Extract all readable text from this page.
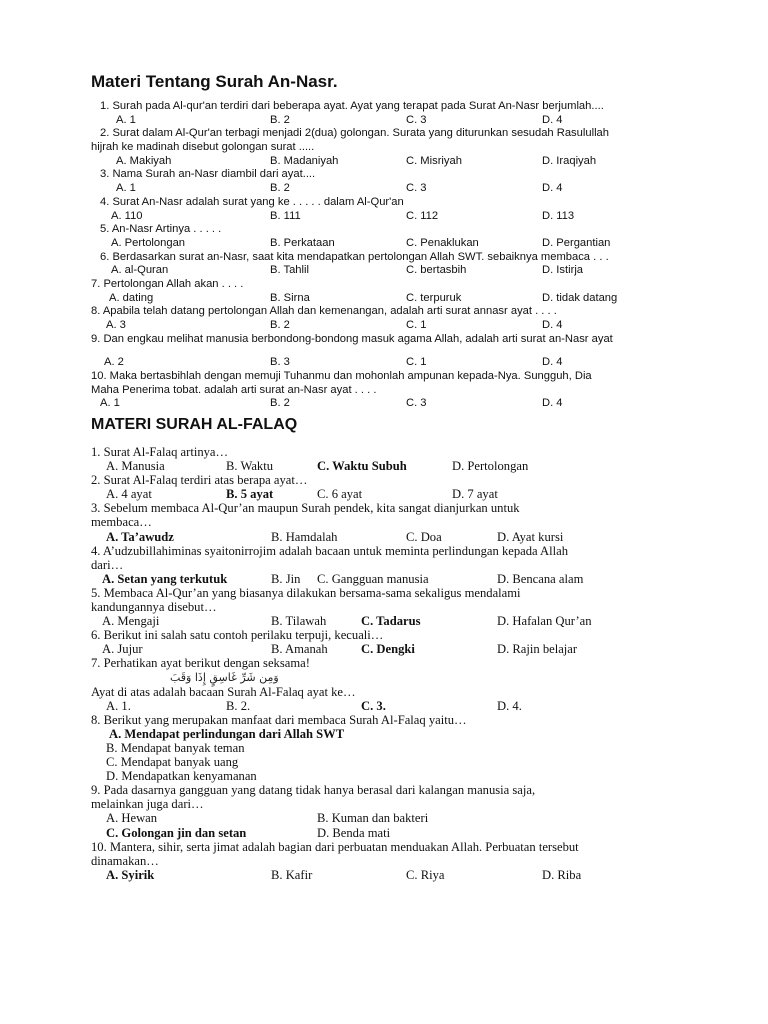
Materi Tentang Surah An-Nasr.
1. Surah pada Al-qur'an terdiri dari beberapa ayat. Ayat yang terapat pada Surat An-Nasr berjumlah....
A. 1	B. 2	C. 3	D. 4
2. Surat dalam Al-Qur'an terbagi menjadi 2(dua) golongan. Surata yang diturunkan sesudah Rasulullah
hijrah ke madinah disebut golongan surat .....
A. Makiyah	B. Madaniyah	C. Misriyah	D. Iraqiyah
3. Nama Surah an-Nasr diambil dari ayat....
A. 1	B. 2	C. 3	D. 4
4. Surat An-Nasr adalah surat yang ke . . . . . dalam Al-Qur'an
A. 110	B. 111	C. 112	D. 113
5. An-Nasr Artinya . . . . .
A. Pertolongan	B. Perkataan	C. Penaklukan	D. Pergantian
6. Berdasarkan surat an-Nasr, saat kita mendapatkan pertolongan Allah SWT. sebaiknya membaca . . .
A. al-Quran	B. Tahlil	C. bertasbih	D. Istirja
7. Pertolongan Allah akan . . . .
A. dating	B. Sirna	C. terpuruk	D. tidak datang
8. Apabila telah datang pertolongan Allah dan kemenangan, adalah arti surat annasr ayat . . . .
A. 3	B. 2	C. 1	D. 4
9. Dan engkau melihat manusia berbondong-bondong masuk agama Allah, adalah arti surat an-Nasr ayat
A. 2	B. 3	C. 1	D. 4
10. Maka bertasbihlah dengan memuji Tuhanmu dan mohonlah ampunan kepada-Nya. Sungguh, Dia
Maha Penerima tobat. adalah arti surat an-Nasr ayat . . . .
A. 1	B. 2	C. 3	D. 4
MATERI SURAH AL-FALAQ
1. Surat Al-Falaq artinya…
A. Manusia	B. Waktu	C. Waktu Subuh	D. Pertolongan
2. Surat Al-Falaq terdiri atas berapa ayat…
A. 4 ayat	B. 5 ayat	C. 6 ayat	D. 7 ayat
3. Sebelum membaca Al-Qur’an maupun Surah pendek, kita sangat dianjurkan untuk
membaca…
A. Ta’awudz	B. Hamdalah	C. Doa	D. Ayat kursi
4. A’udzubillahiminas syaitonirrojim adalah bacaan untuk meminta perlindungan kepada Allah
dari…
A. Setan yang terkutuk	B. Jin C. Gangguan manusia	D. Bencana alam
5. Membaca Al-Qur’an yang biasanya dilakukan bersama-sama sekaligus mendalami
kandungannya disebut…
A. Mengaji	B. Tilawah	C. Tadarus	D. Hafalan Qur’an
6. Berikut ini salah satu contoh perilaku terpuji, kecuali…
A. Jujur	B. Amanah	C. Dengki	D. Rajin belajar
7. Perhatikan ayat berikut dengan seksama!
وَمِن شَرِّ غَاسِقٍ إِذَا وَقَبَ
Ayat di atas adalah bacaan Surah Al-Falaq ayat ke…
A. 1.	B. 2.	C. 3.	D. 4.
8. Berikut yang merupakan manfaat dari membaca Surah Al-Falaq yaitu…
A. Mendapat perlindungan dari Allah SWT
B. Mendapat banyak teman
C. Mendapat banyak uang
D. Mendapatkan kenyamanan
9. Pada dasarnya gangguan yang datang tidak hanya berasal dari kalangan manusia saja,
melainkan juga dari…
A. Hewan	B. Kuman dan bakteri
C. Golongan jin dan setan	D. Benda mati
10. Mantera, sihir, serta jimat adalah bagian dari perbuatan menduakan Allah. Perbuatan tersebut
dinamakan…
A. Syirik	B. Kafir	C. Riya	D. Riba
